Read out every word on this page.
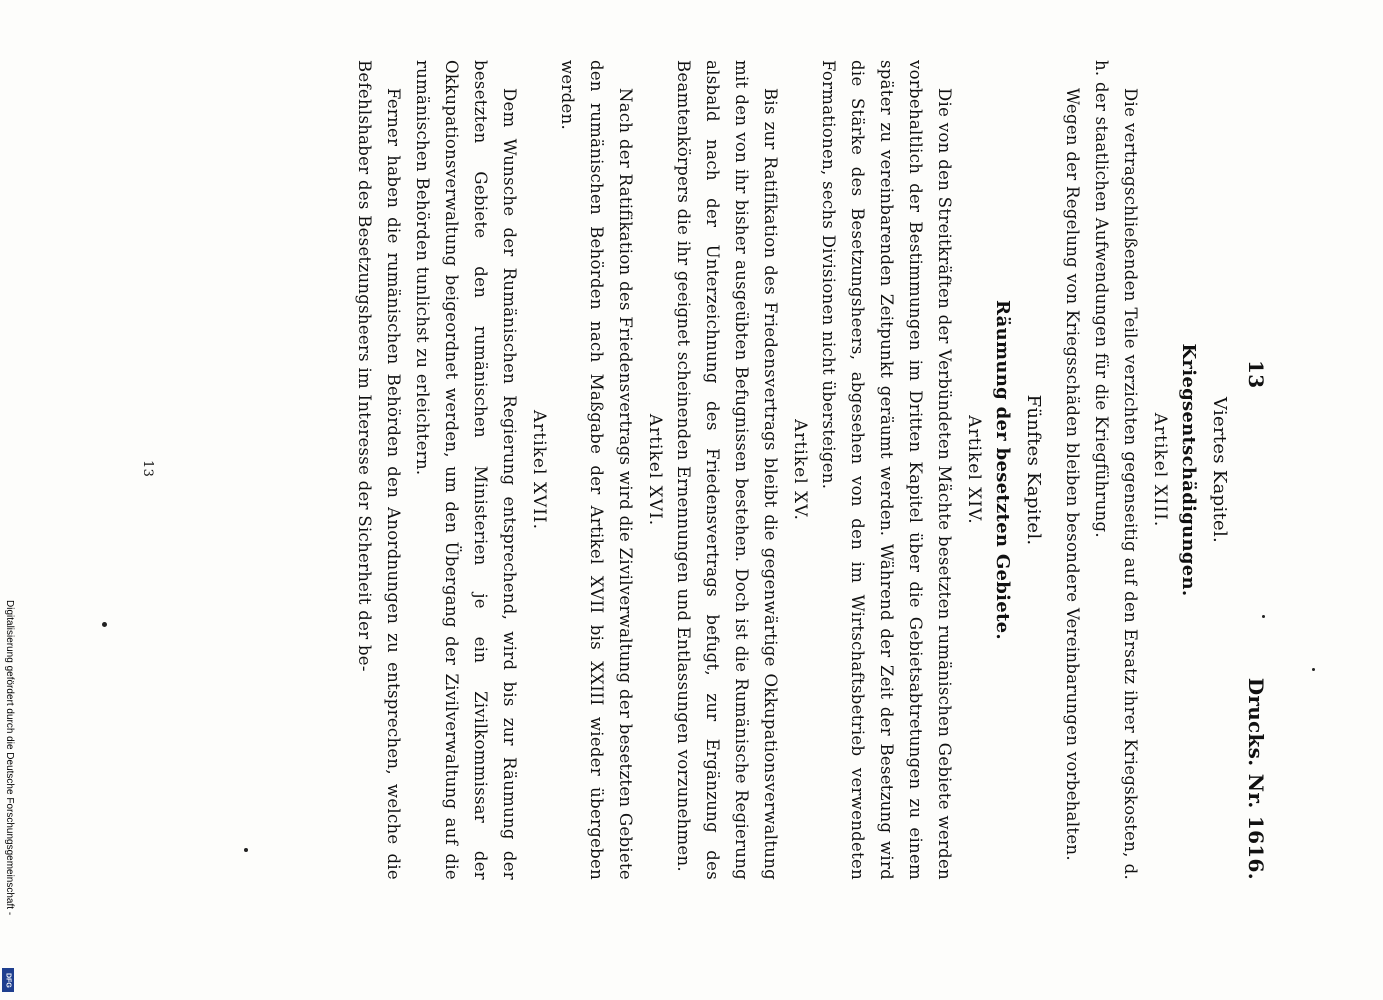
13
Drucks. Nr. 1616.
Viertes Kapitel.
Kriegsentschädigungen.
Artikel XIII.

Die vertragschließenden Teile verzichten gegenseitig auf den Ersatz ihrer Kriegskosten, d. h. der staatlichen Aufwendungen für die Kriegführung.

Wegen der Regelung von Kriegsschäden bleiben besondere Vereinbarungen vorbehalten.

Fünftes Kapitel.
Räumung der besetzten Gebiete.
Artikel XIV.

Die von den Streitkräften der Verbündeten Mächte besetzten rumänischen Gebiete werden vorbehaltlich der Bestimmungen im Dritten Kapitel über die Gebietsabtretungen zu einem später zu vereinbarenden Zeitpunkt geräumt werden. Während der Zeit der Besetzung wird die Stärke des Besetzungsheers, abgesehen von den im Wirtschaftsbetrieb verwendeten Formationen, sechs Divisionen nicht übersteigen.

Artikel XV.

Bis zur Ratifikation des Friedensvertrags bleibt die gegenwärtige Okkupationsverwaltung mit den von ihr bisher ausgeübten Befugnissen bestehen. Doch ist die Rumänische Regierung alsbald nach der Unterzeichnung des Friedensvertrags befugt, zur Ergänzung des Beamtenkörpers die ihr geeignet scheinenden Ernennungen und Entlassungen vorzunehmen.

Artikel XVI.

Nach der Ratifikation des Friedensvertrags wird die Zivilverwaltung der besetzten Gebiete den rumänischen Behörden nach Maßgabe der Artikel XVII bis XXIII wieder übergeben werden.

Artikel XVII.

Dem Wunsche der Rumänischen Regierung entsprechend, wird bis zur Räumung der besetzten Gebiete den rumänischen Ministerien je ein Zivilkommissar der Okkupationsverwaltung beigeordnet werden, um den Übergang der Zivilverwaltung auf die rumänischen Behörden tunlichst zu erleichtern.

Ferner haben die rumänischen Behörden den Anordnungen zu entsprechen, welche die Befehlshaber des Besetzungsheers im Interesse der Sicherheit der be-

13
Digitalisierung gefördert durch die Deutsche Forschungsgemeinschaft -
DFG
